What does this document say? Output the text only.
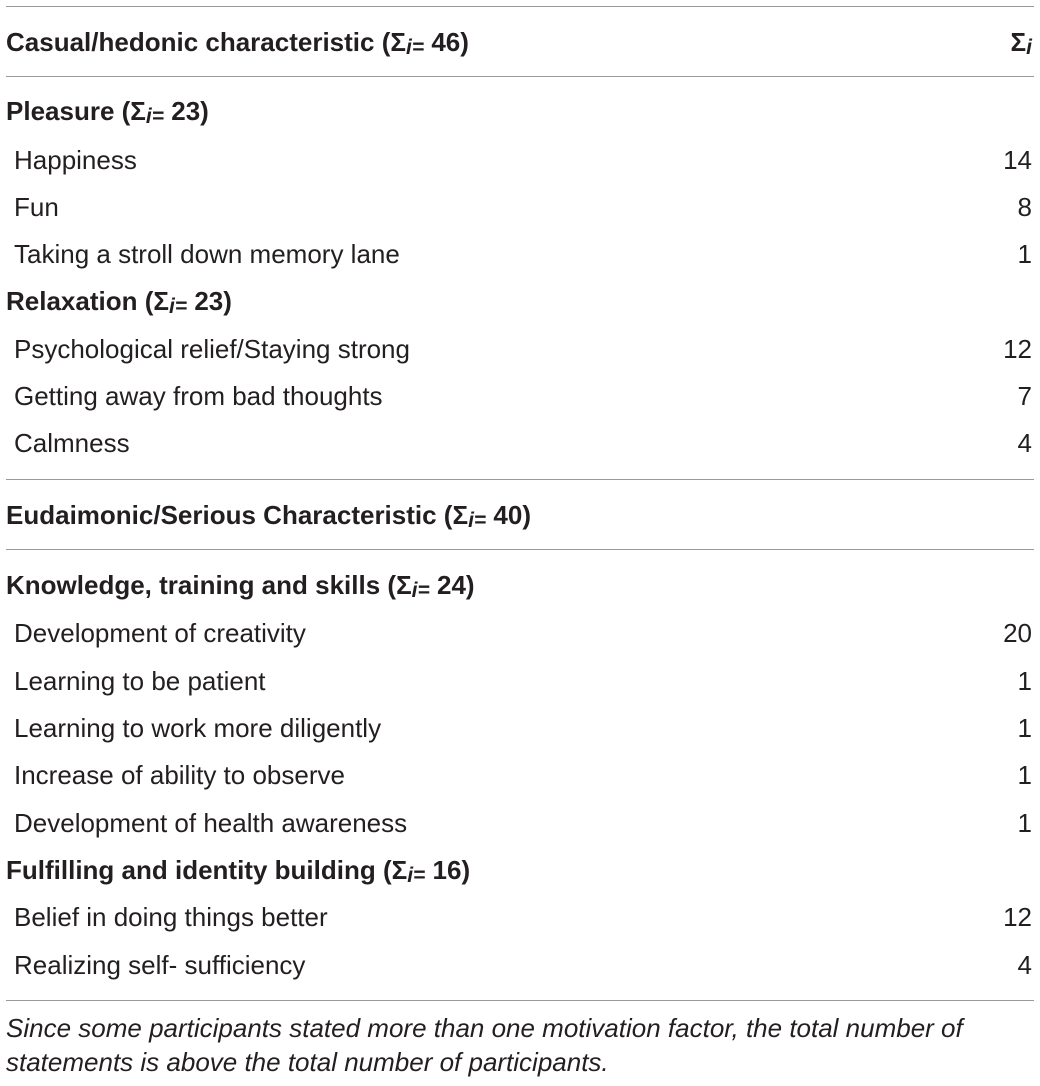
Casual/hedonic characteristic ($\Sigma_{i=}$ 46)	$\Sigma_i$
Pleasure ($\Sigma_{i=}$ 23)
Happiness	14
Fun	8
Taking a stroll down memory lane	1
Relaxation ($\Sigma_{i=}$ 23)
Psychological relief/Staying strong	12
Getting away from bad thoughts	7
Calmness	4
Eudaimonic/Serious Characteristic ($\Sigma_{i=}$ 40)
Knowledge, training and skills ($\Sigma_{i=}$ 24)
Development of creativity	20
Learning to be patient	1
Learning to work more diligently	1
Increase of ability to observe	1
Development of health awareness	1
Fulfilling and identity building ($\Sigma_{i=}$ 16)
Belief in doing things better	12
Realizing self- sufficiency	4
Since some participants stated more than one motivation factor, the total number of statements is above the total number of participants.
